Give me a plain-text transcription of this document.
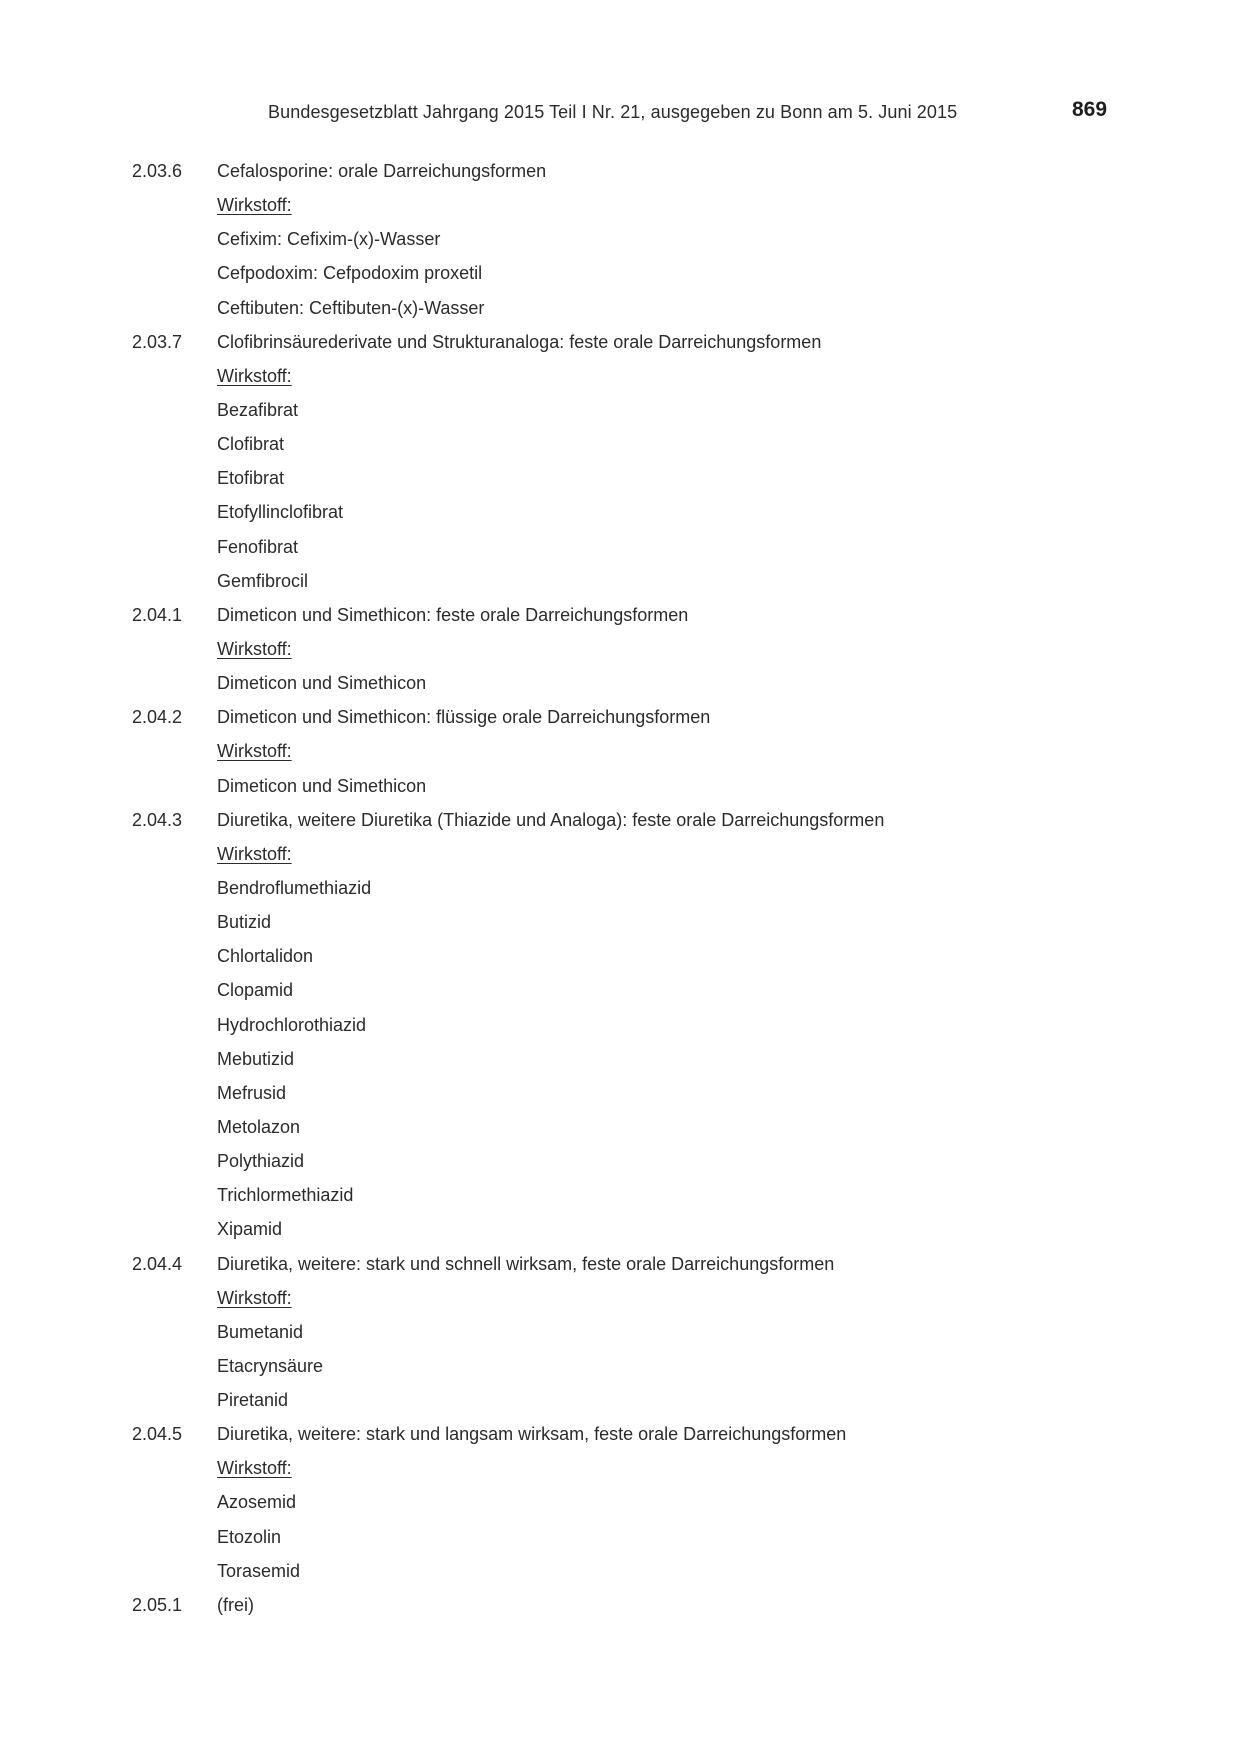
Bundesgesetzblatt Jahrgang 2015 Teil I Nr. 21, ausgegeben zu Bonn am 5. Juni 2015	869
2.03.6 Cefalosporine: orale Darreichungsformen
Wirkstoff:
Cefixim: Cefixim-(x)-Wasser
Cefpodoxim: Cefpodoxim proxetil
Ceftibuten: Ceftibuten-(x)-Wasser
2.03.7 Clofibrinsäurederivate und Strukturanaloga: feste orale Darreichungsformen
Wirkstoff:
Bezafibrat
Clofibrat
Etofibrat
Etofyllinclofibrat
Fenofibrat
Gemfibrocil
2.04.1 Dimeticon und Simethicon: feste orale Darreichungsformen
Wirkstoff:
Dimeticon und Simethicon
2.04.2 Dimeticon und Simethicon: flüssige orale Darreichungsformen
Wirkstoff:
Dimeticon und Simethicon
2.04.3 Diuretika, weitere Diuretika (Thiazide und Analoga): feste orale Darreichungsformen
Wirkstoff:
Bendroflumethiazid
Butizid
Chlortalidon
Clopamid
Hydrochlorothiazid
Mebutizid
Mefrusid
Metolazon
Polythiazid
Trichlormethiazid
Xipamid
2.04.4 Diuretika, weitere: stark und schnell wirksam, feste orale Darreichungsformen
Wirkstoff:
Bumetanid
Etacrynsäure
Piretanid
2.04.5 Diuretika, weitere: stark und langsam wirksam, feste orale Darreichungsformen
Wirkstoff:
Azosemid
Etozolin
Torasemid
2.05.1 (frei)
